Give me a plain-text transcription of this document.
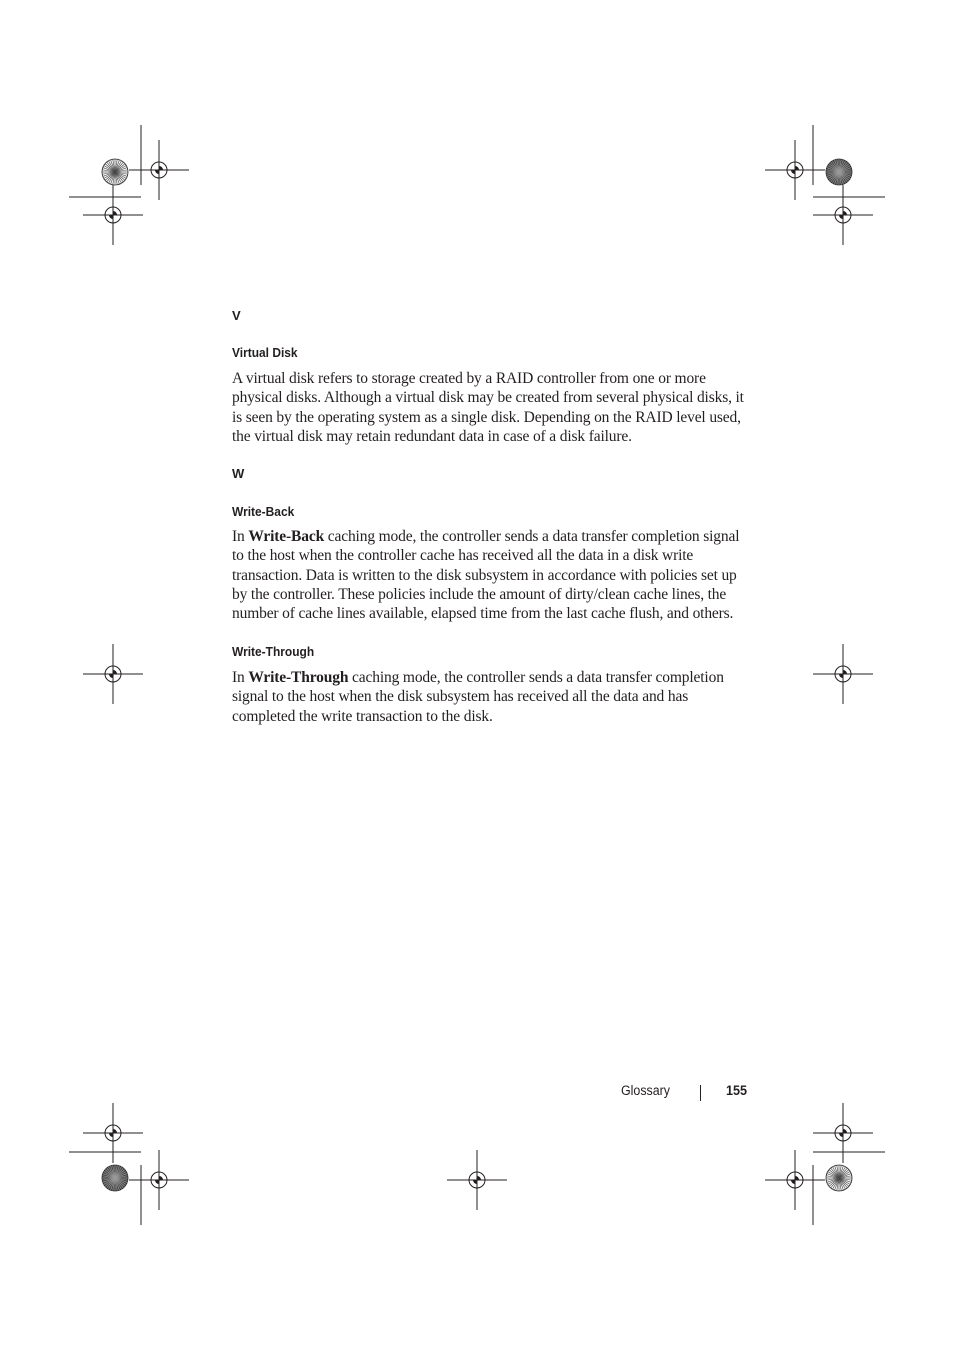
V

Virtual Disk

A virtual disk refers to storage created by a RAID controller from one or more physical disks. Although a virtual disk may be created from several physical disks, it is seen by the operating system as a single disk. Depending on the RAID level used, the virtual disk may retain redundant data in case of a disk failure.

W

Write-Back

In Write-Back caching mode, the controller sends a data transfer completion signal to the host when the controller cache has received all the data in a disk write transaction. Data is written to the disk subsystem in accordance with policies set up by the controller. These policies include the amount of dirty/clean cache lines, the number of cache lines available, elapsed time from the last cache flush, and others.

Write-Through

In Write-Through caching mode, the controller sends a data transfer completion signal to the host when the disk subsystem has received all the data and has completed the write transaction to the disk.

Glossary	155
